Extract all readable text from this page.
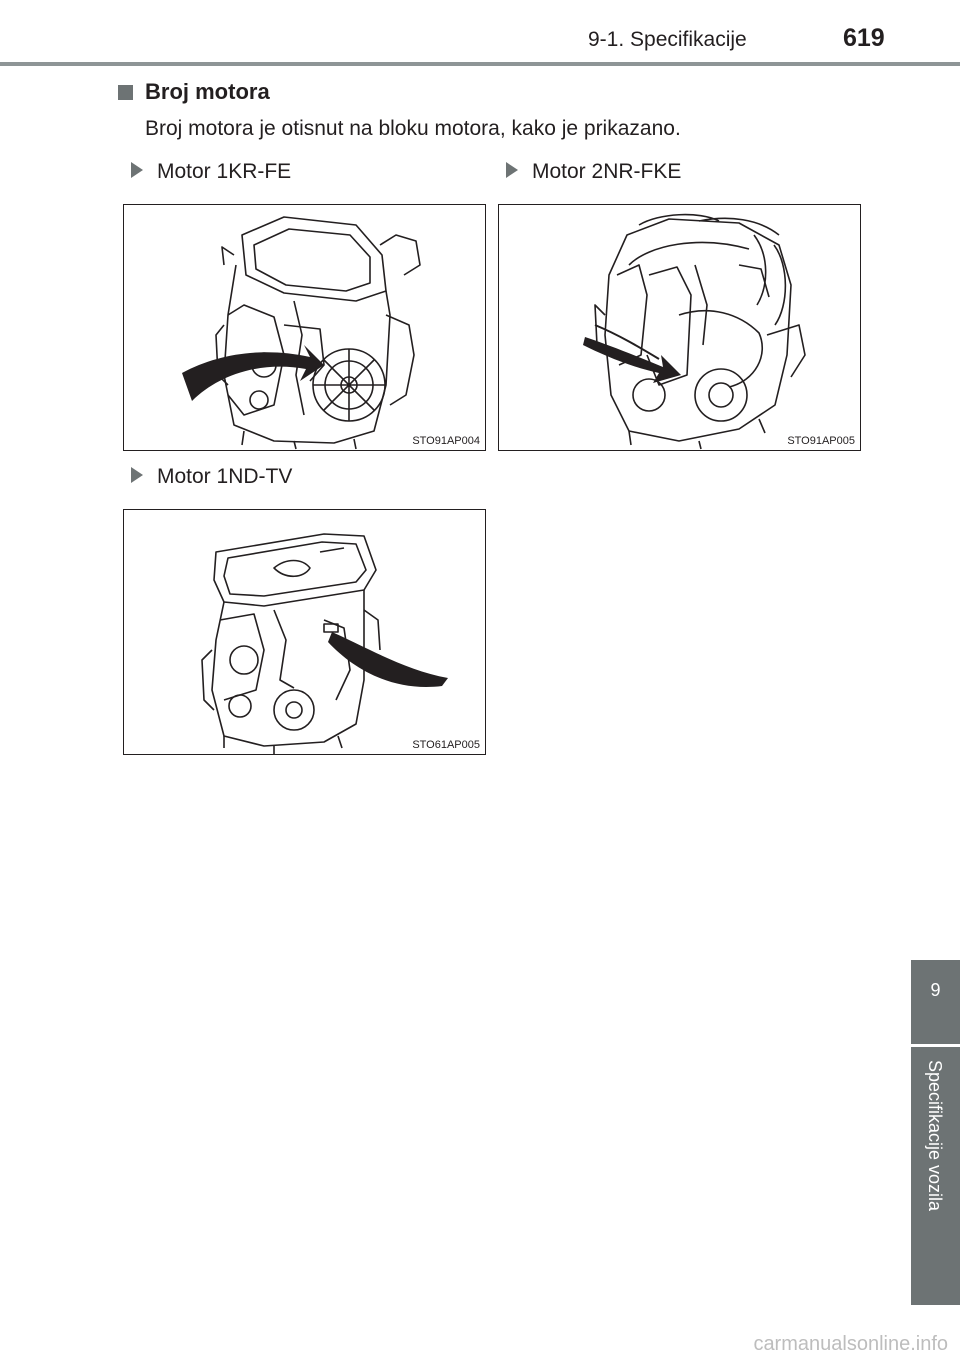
9-1. Specifikacije	619
Broj motora
Broj motora je otisnut na bloku motora, kako je prikazano.
Motor 1KR-FE	Motor 2NR-FKE
Motor 1ND-TV
STO91AP004	STO91AP005
STO61AP005
9
Specifikacije vozila
carmanualsonline.info
